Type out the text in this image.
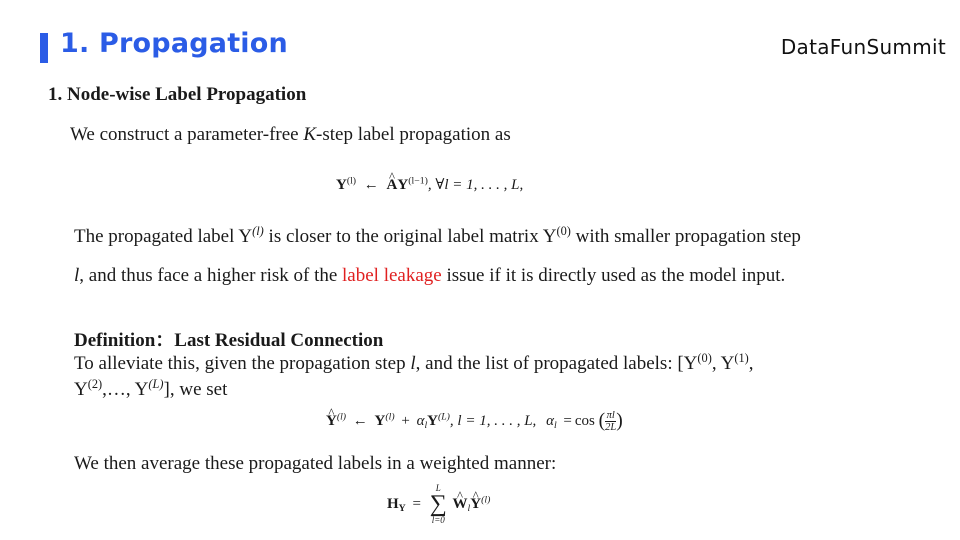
1. Propagation	DataFunSummit
1. Node-wise Label Propagation
We construct a parameter-free K-step label propagation as
$Y^{(l)}$ ← ^ $AY^{(l-1)}$, ∀l = 1, . . . , L,
The propagated label $Y^{(l)}$ is closer to the original label matrix $Y^{(0)}$ with smaller propagation step
l, and thus face a higher risk of the label leakage issue if it is directly used as the model input.
Definition：Last Residual Connection
To alleviate this, given the propagation step l, and the list of propagated labels: [$Y^{(0)}$, $Y^{(1)}$,
$Y^{(2)},\dots$, $Y^{(L)}$], we set
^ $Y^{(l)}$ ← $Y^{(l)} + \alpha_lY^{(L)}$, l = 1, . . . , L, $\alpha_l = \cos$ ( $\frac{\pi l}{2L}$ )
We then average these propagated labels in a weighted manner:
$H_Y$ =
L
∑
l=0
^ $W_l\^{}$ $Y^{(l)}$
